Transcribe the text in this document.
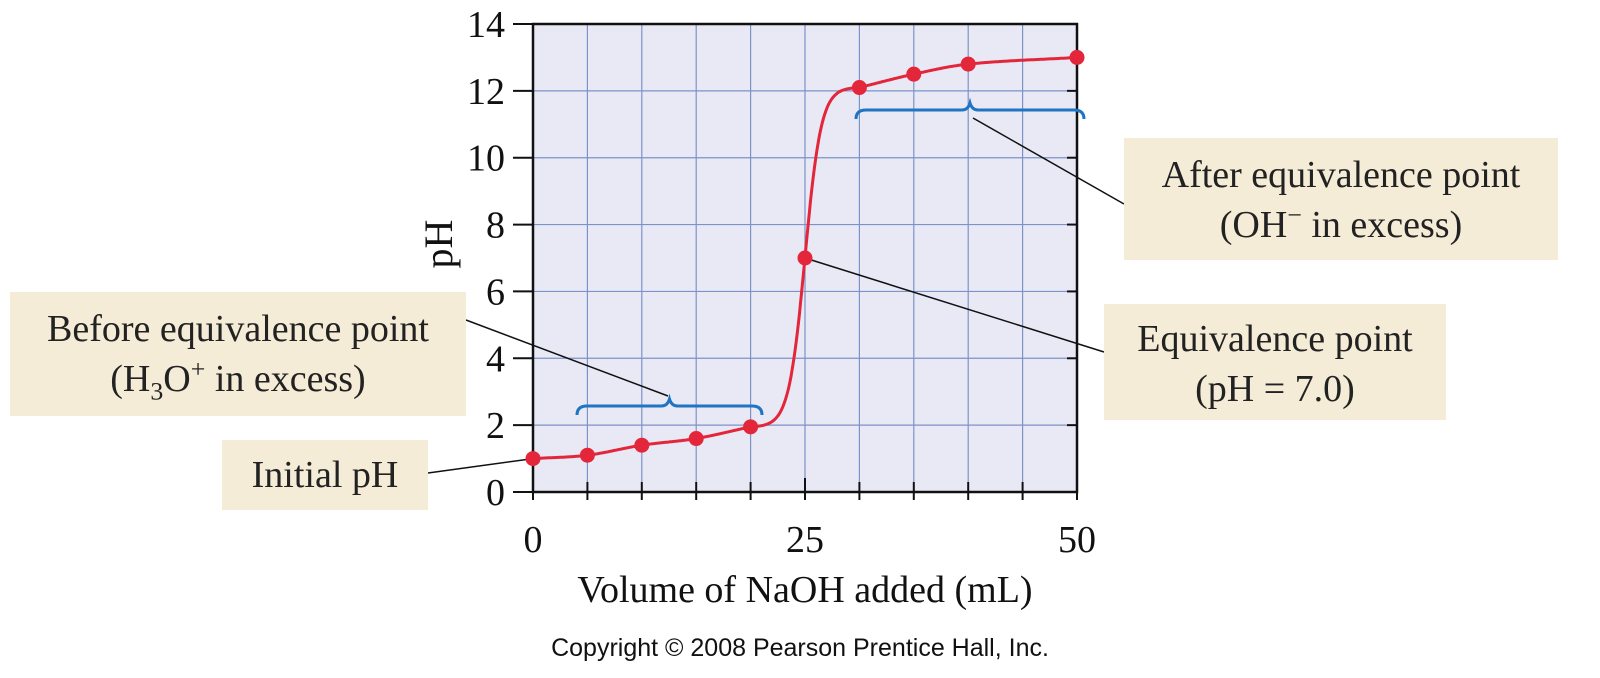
0
2
4
6
8
10
12
14
0	25	50
Volume of NaOH added (mL)
pH
Before equivalence point
($H_3O^+$ in excess)
After equivalence point
(OH− in excess)
Equivalence point
(pH = 7.0)
Initial pH
Copyright © 2008 Pearson Prentice Hall, Inc.
